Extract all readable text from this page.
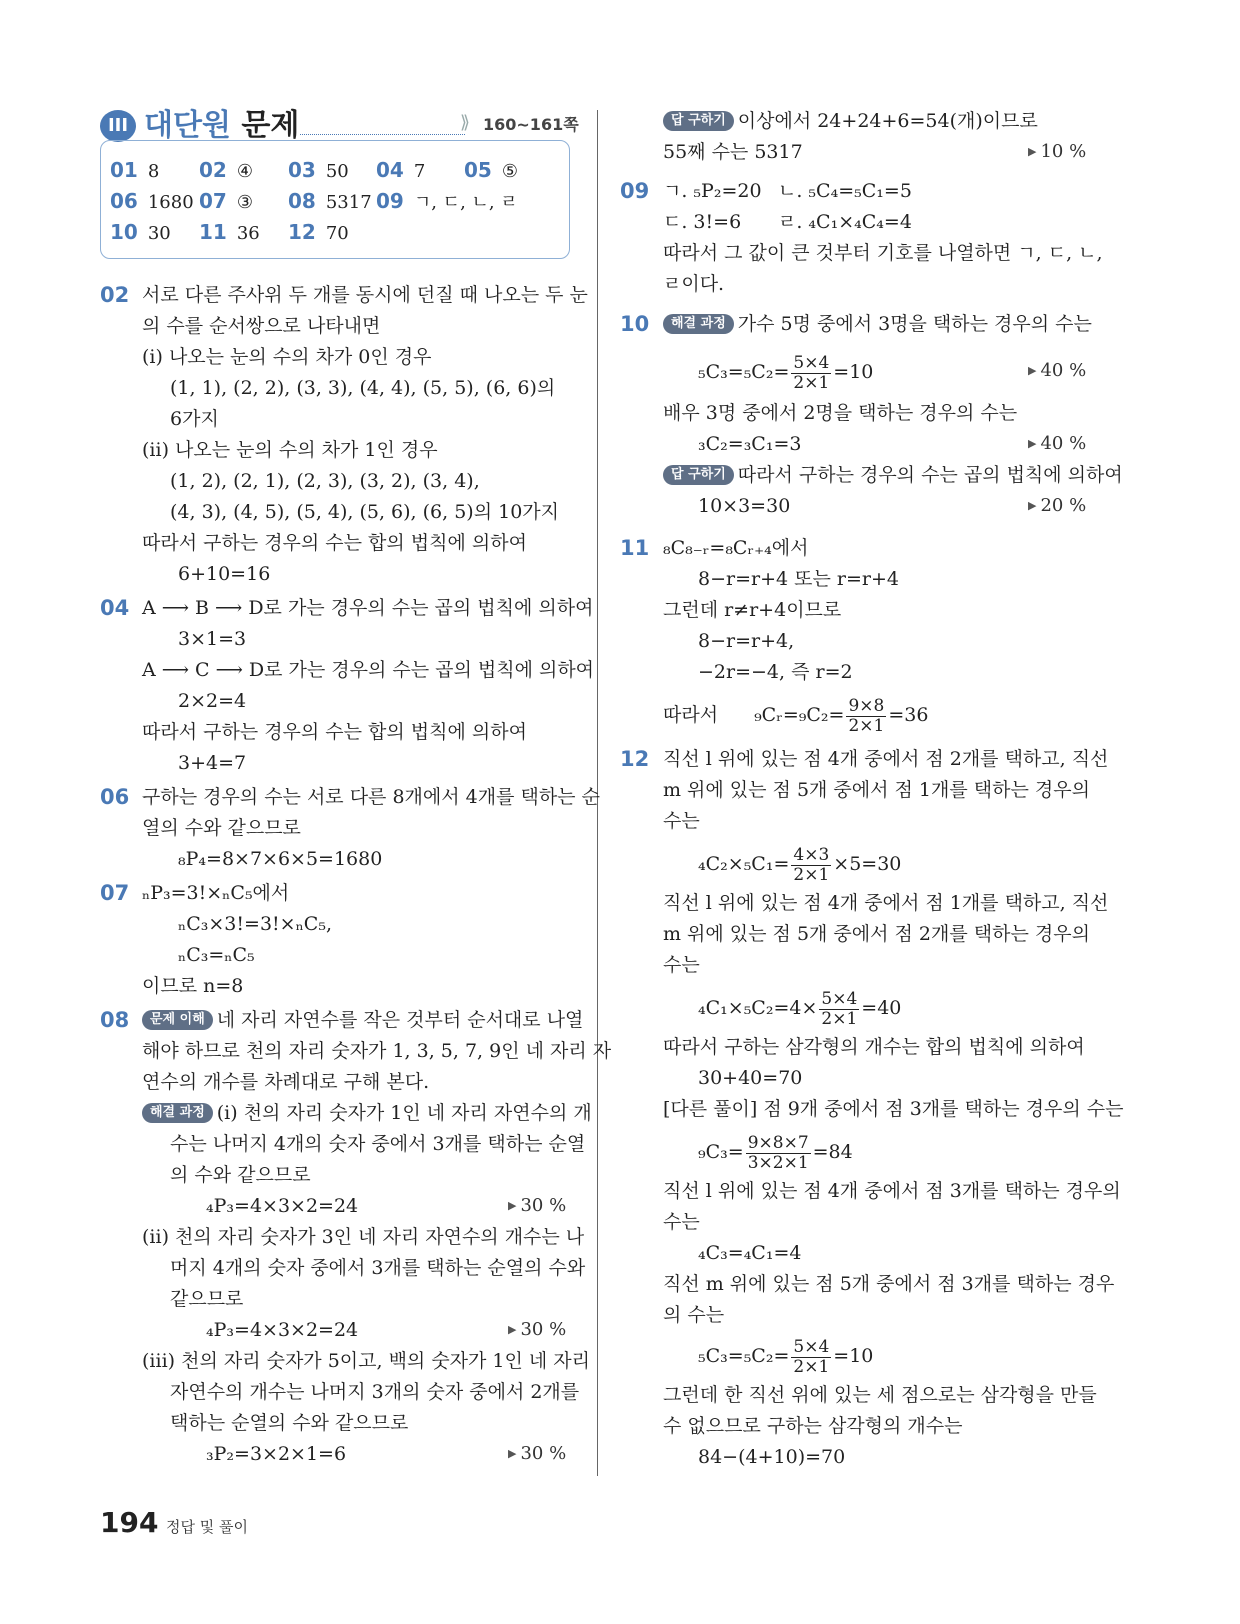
III 대단원 문제	⟫ 160~161쪽
01 8 02 ④ 03 50 04 7 05 ⑤
06 1680 07 ③ 08 5317 09 ㄱ, ㄷ, ㄴ, ㄹ
10 30 11 36 12 70
02 서로 다른 주사위 두 개를 동시에 던질 때 나오는 두 눈
의 수를 순서쌍으로 나타내면
(i) 나오는 눈의 수의 차가 0인 경우
(1, 1), (2, 2), (3, 3), (4, 4), (5, 5), (6, 6)의
6가지
(ii) 나오는 눈의 수의 차가 1인 경우
(1, 2), (2, 1), (2, 3), (3, 2), (3, 4),
(4, 3), (4, 5), (5, 4), (5, 6), (6, 5)의 10가지
따라서 구하는 경우의 수는 합의 법칙에 의하여
6+10=16
04 A ⟶ B ⟶ D로 가는 경우의 수는 곱의 법칙에 의하여
3×1=3
A ⟶ C ⟶ D로 가는 경우의 수는 곱의 법칙에 의하여
2×2=4
따라서 구하는 경우의 수는 합의 법칙에 의하여
3+4=7
06 구하는 경우의 수는 서로 다른 8개에서 4개를 택하는 순
열의 수와 같으므로
₈P₄=8×7×6×5=1680
07 ₙP₃=3!×ₙC₅에서
ₙC₃×3!=3!×ₙC₅,
ₙC₃=ₙC₅
이므로 n=8
08	문제 이해 네 자리 자연수를 작은 것부터 순서대로 나열
해야 하므로 천의 자리 숫자가 1, 3, 5, 7, 9인 네 자리 자
연수의 개수를 차례대로 구해 본다.
해결 과정 (i) 천의 자리 숫자가 1인 네 자리 자연수의 개
수는 나머지 4개의 숫자 중에서 3개를 택하는 순열
의 수와 같으므로
₄P₃=4×3×2=24	▶ 30 %
(ii) 천의 자리 숫자가 3인 네 자리 자연수의 개수는 나
머지 4개의 숫자 중에서 3개를 택하는 순열의 수와
같으므로
₄P₃=4×3×2=24	▶ 30 %
(iii) 천의 자리 숫자가 5이고, 백의 숫자가 1인 네 자리
자연수의 개수는 나머지 3개의 숫자 중에서 2개를
택하는 순열의 수와 같으므로
₃P₂=3×2×1=6	▶ 30 %
답 구하기 이상에서 24+24+6=54(개)이므로
55째 수는 5317	▶ 10 %
09 ㄱ. ₅P₂=20 ㄴ. ₅C₄=₅C₁=5
ㄷ. 3!=6 ㄹ. ₄C₁×₄C₄=4
따라서 그 값이 큰 것부터 기호를 나열하면 ㄱ, ㄷ, ㄴ,
ㄹ이다.
10	해결 과정 가수 5명 중에서 3명을 택하는 경우의 수는
$_5C_3=_5C_2= \frac{5\times 4}{2\times 1} =10$	▶ 40 %
배우 3명 중에서 2명을 택하는 경우의 수는
₃C₂=₃C₁=3	▶ 40 %
답 구하기 따라서 구하는 경우의 수는 곱의 법칙에 의하여
10×3=30	▶ 20 %
11 ₈C₈₋ᵣ=₈Cᵣ₊₄에서
8−r=r+4 또는 r=r+4
그런데 r≠r+4이므로
8−r=r+4,
−2r=−4, 즉 r=2
따라서 ₉Cᵣ=₉C₂= $\frac{9\times 8}{2\times 1} =36$
12 직선 l 위에 있는 점 4개 중에서 점 2개를 택하고, 직선
m 위에 있는 점 5개 중에서 점 1개를 택하는 경우의
수는
$_4C_2\times_5C_1= \frac{4\times 3}{2\times 1} \times 5=30$
직선 l 위에 있는 점 4개 중에서 점 1개를 택하고, 직선
m 위에 있는 점 5개 중에서 점 2개를 택하는 경우의
수는
$_4C_1\times_5C_2=4\times \frac{5\times 4}{2\times 1} =40$
따라서 구하는 삼각형의 개수는 합의 법칙에 의하여
30+40=70
[다른 풀이] 점 9개 중에서 점 3개를 택하는 경우의 수는
$_9C_3= \frac{9\times 8\times 7}{3\times 2\times 1} =84$
직선 l 위에 있는 점 4개 중에서 점 3개를 택하는 경우의
수는
₄C₃=₄C₁=4
직선 m 위에 있는 점 5개 중에서 점 3개를 택하는 경우
의 수는
$_5C_3=_5C_2= \frac{5\times 4}{2\times 1} =10$
그런데 한 직선 위에 있는 세 점으로는 삼각형을 만들
수 없으므로 구하는 삼각형의 개수는
84−(4+10)=70
194 정답 및 풀이
